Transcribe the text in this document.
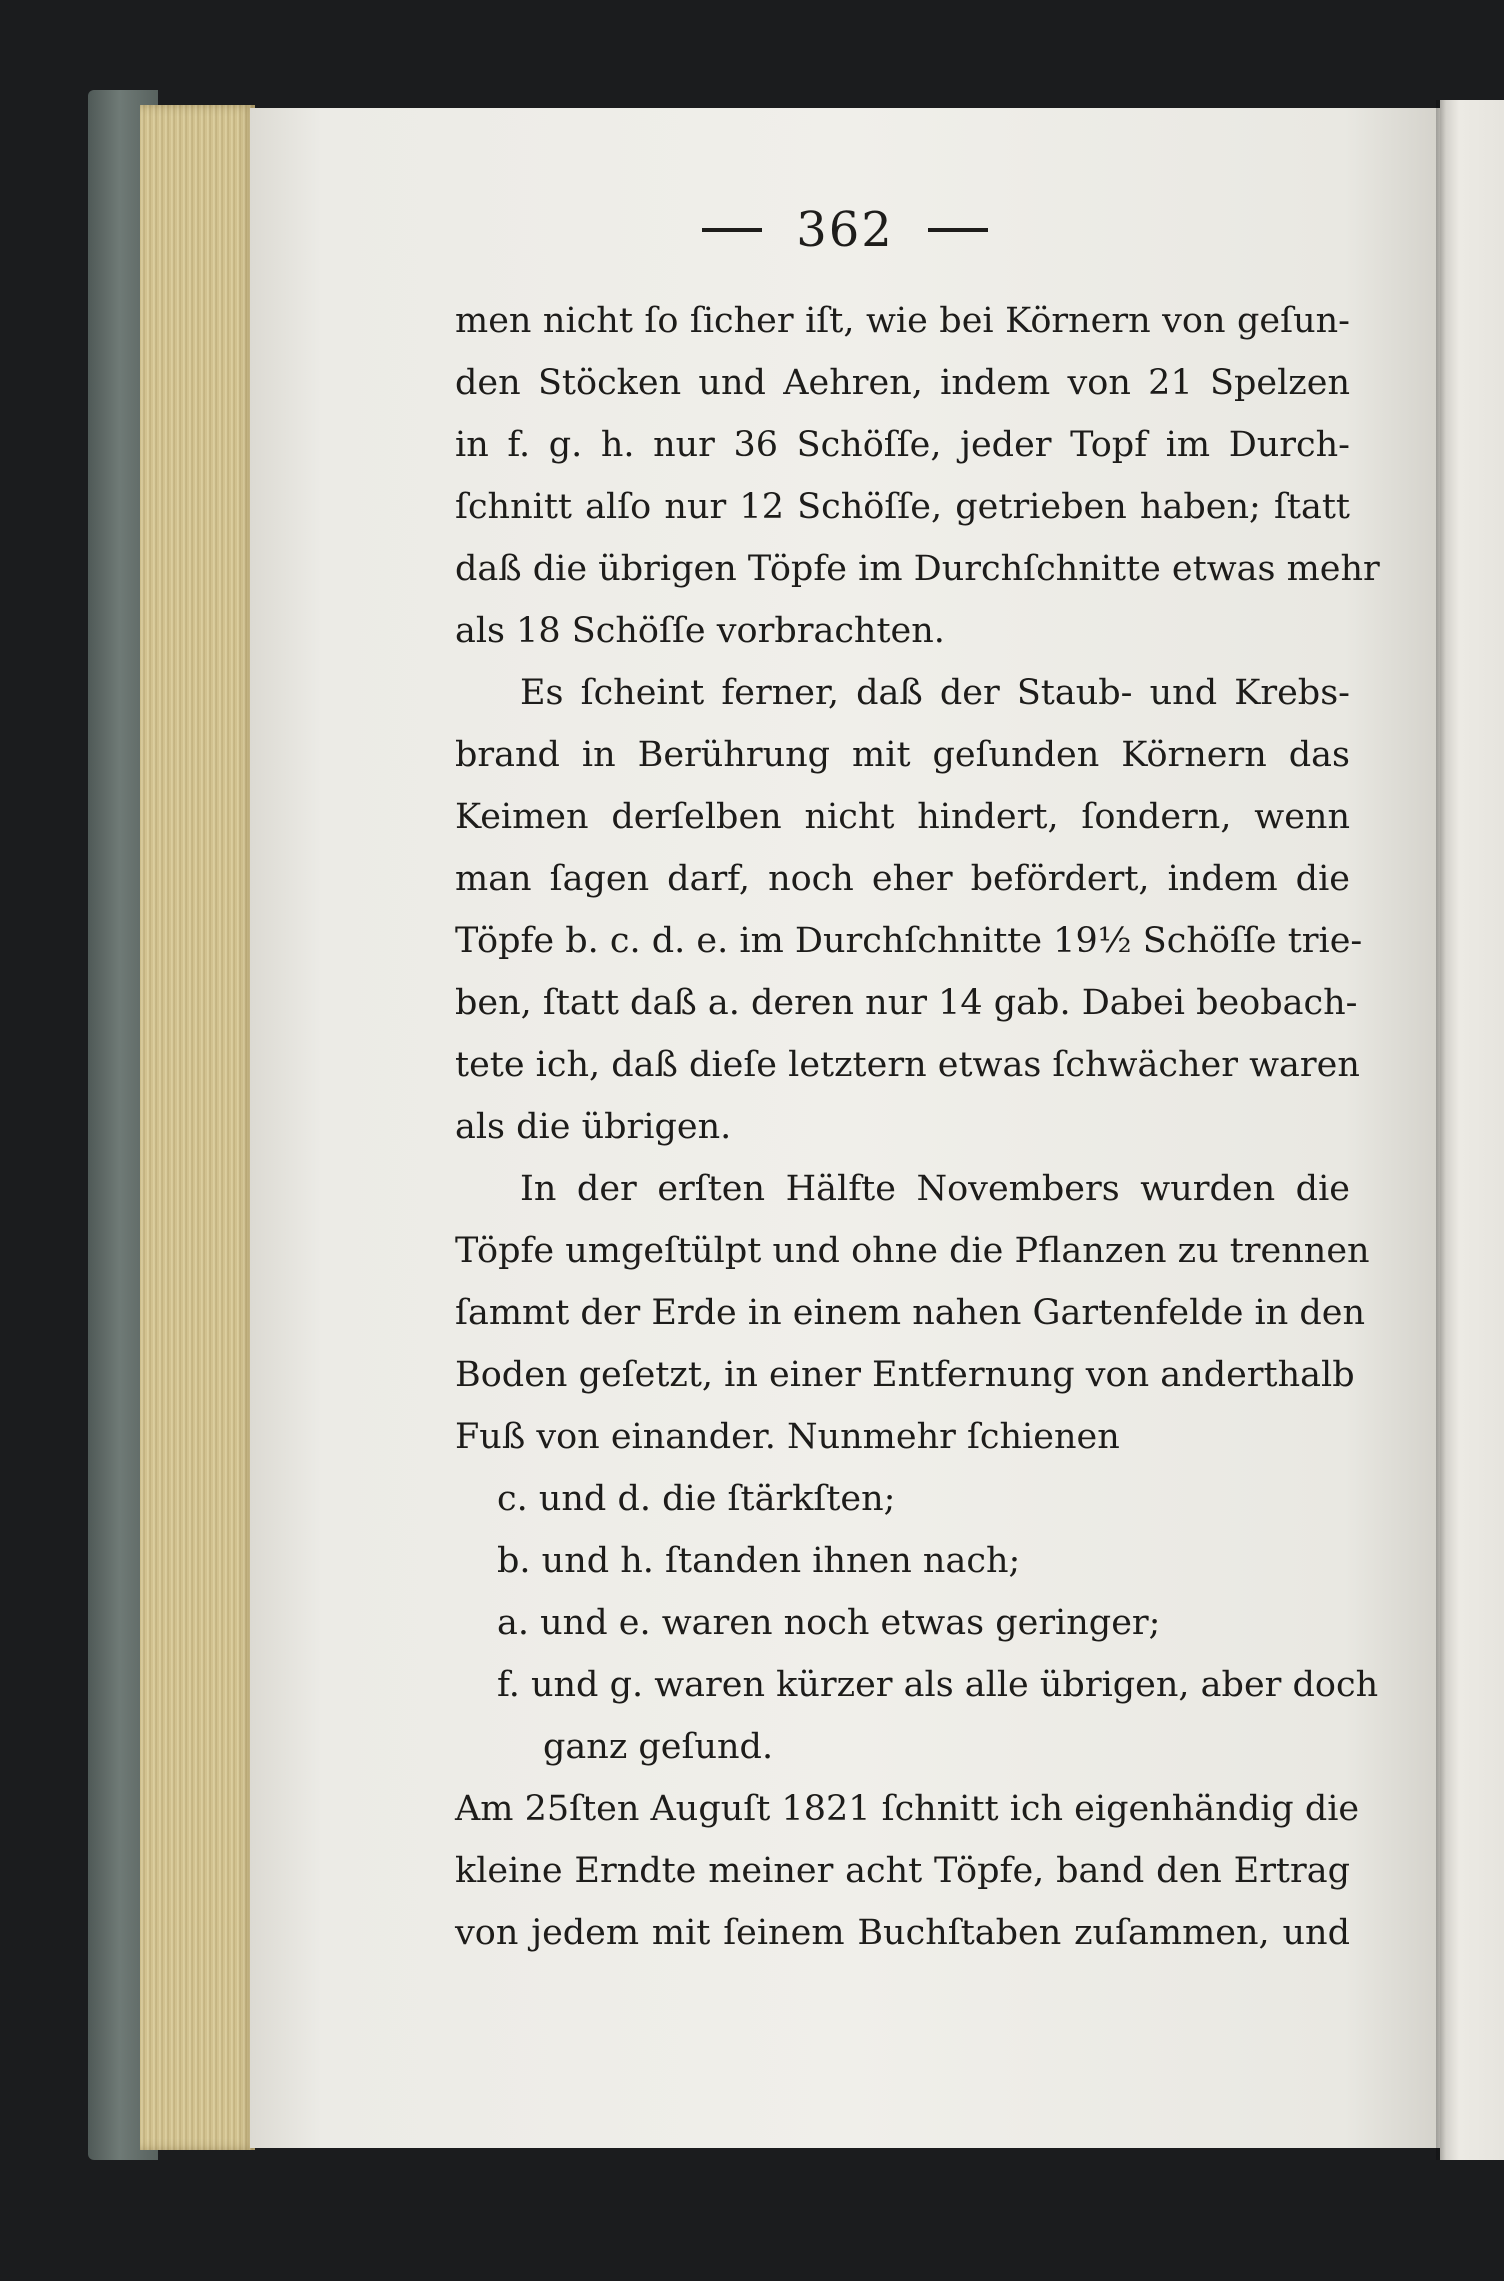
362
men nicht ſo ſicher iſt, wie bei Körnern von geſun-
den Stöcken und Aehren, indem von 21 Spelzen
in f. g. h. nur 36 Schöſſe, jeder Topf im Durch-
ſchnitt alſo nur 12 Schöſſe, getrieben haben; ſtatt
daß die übrigen Töpfe im Durchſchnitte etwas mehr
als 18 Schöſſe vorbrachten.
Es ſcheint ferner, daß der Staub- und Krebs-
brand in Berührung mit geſunden Körnern das
Keimen derſelben nicht hindert, ſondern, wenn
man ſagen darf, noch eher befördert, indem die
Töpfe b. c. d. e. im Durchſchnitte 19½ Schöſſe trie-
ben, ſtatt daß a. deren nur 14 gab. Dabei beobach-
tete ich, daß dieſe letztern etwas ſchwächer waren
als die übrigen.
In der erſten Hälfte Novembers wurden die
Töpfe umgeſtülpt und ohne die Pflanzen zu trennen
ſammt der Erde in einem nahen Gartenfelde in den
Boden geſetzt, in einer Entfernung von anderthalb
Fuß von einander. Nunmehr ſchienen
c. und d. die ſtärkſten;
b. und h. ſtanden ihnen nach;
a. und e. waren noch etwas geringer;
f. und g. waren kürzer als alle übrigen, aber doch
ganz geſund.
Am 25ſten Auguſt 1821 ſchnitt ich eigenhändig die
kleine Erndte meiner acht Töpfe, band den Ertrag
von jedem mit ſeinem Buchſtaben zuſammen, und
